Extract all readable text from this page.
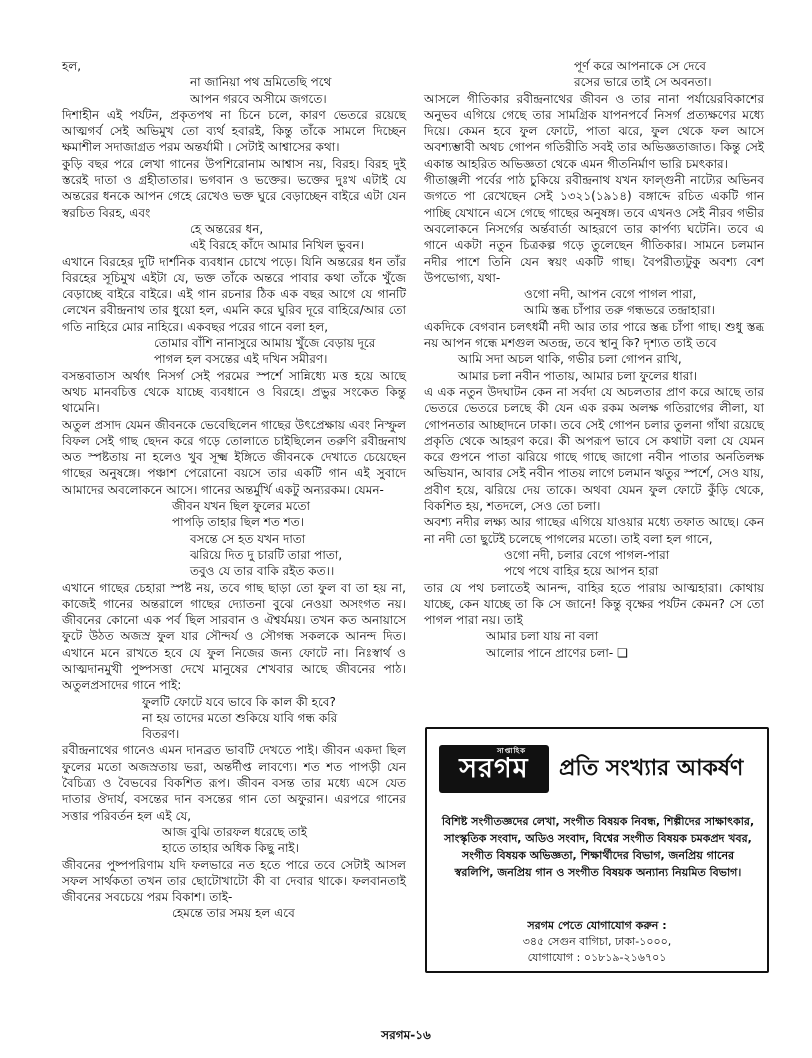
হল,

না জানিয়া পথ ভ্রমিতেছি পথে

আপন গরবে অসীমে জগতে।

দিশাহীন এই পর্যটন, প্রকৃতপথ না চিনে চলে, কারণ ভেতরে রয়েছে আত্মগর্ব সেই অভিমুখ তো ব্যর্থ হবারই, কিন্তু তাঁকে সামলে দিচ্ছেন ক্ষমাশীল সদাজাগ্রত পরম অন্তর্যামী । সেটাই আশ্বাসের কথা।

কুড়ি বছর পরে লেখা গানের উপশিরোনাম আশ্বাস নয়, বিরহ। বিরহ দুই স্তরেই দাতা ও গ্রহীতাতার। ভগবান ও ভক্তের। ভক্তের দুঃখ এটাই যে অন্তরের ধনকে আপন গেহে রেখেও ভক্ত ঘুরে বেড়াচ্ছেন বাইরে এটা যেন স্বরচিত বিরহ, এবং

হে অন্তরের ধন,

এই বিরহে কাঁদে আমার নিখিল ভুবন।

এখানে বিরহের দুটি দার্শনিক ব্যবধান চোখে পড়ে। যিনি অন্তরের ধন তাঁর বিরহের সূচিমুখ এইটা যে, ভক্ত তাঁকে অন্তরে পাবার কথা তাঁকে খুঁজে বেড়াচ্ছে বাইরে বাইরে। এই গান রচনার ঠিক এক বছর আগে যে গানটি লেখেন রবীন্দ্রনাথ তার ধুয়ো হল, এমনি করে ঘুরিব দূরে বাহিরে/আর তো গতি নাহিরে মোর নাহিরে। একবছর পরের গানে বলা হল,

তোমার বাঁশি নানাসুরে আমায় খুঁজে বেড়ায় দূরে

পাগল হল বসন্তের এই দখিন সমীরণ।

বসন্তবাতাস অর্থাৎ নিসর্গ সেই পরমের স্পর্শে সান্নিধ্যে মত্ত হয়ে আছে অথচ মানবচিত্ত থেকে যাচ্ছে ব্যবধানে ও বিরহে। প্রভুর সংকেত কিন্তু থামেনি।

অতুল প্রসাদ যেমন জীবনকে ভেবেছিলেন গাছের উৎপ্রেক্ষায় এবং নিস্ফুল বিফল সেই গাছ ছেদন করে গড়ে তোলাতে চাইছিলেন তরুণি রবীন্দ্রনাথ অত স্পষ্টতায় না হলেও খুব সূক্ষ্ম ইঙ্গিতে জীবনকে দেখাতে চেয়েছেন গাছের অনুষঙ্গে। পঞ্চাশ পেরোনো বয়সে তার একটি গান এই সুবাদে আমাদের অবলোকনে আসে। গানের অন্তর্মুর্খি একটু অন্যরকম। যেমন-

জীবন যখন ছিল ফুলের মতো

পাপড়ি তাহার ছিল শত শত।

বসন্তে সে হত যখন দাতা

ঝরিয়ে দিত দু চারটি তারা পাতা,

তবুও যে তার বাকি রইত কত।।

এখানে গাছের চেহারা স্পষ্ট নয়, তবে গাছ ছাড়া তো ফুল বা তা হয় না, কাজেই গানের অন্তরালে গাছের দ্যোতনা বুঝে নেওয়া অসংগত নয়। জীবনের কোনো এক পর্ব ছিল সারবান ও ঐশ্বর্যময়। তখন কত অনায়াসে ফুটে উঠত অজস্র ফুল যার সৌন্দর্য ও সৌগন্ধ সকলকে আনন্দ দিত। এখানে মনে রাখতে হবে যে ফুল নিজের জন্য ফোটে না। নিঃস্বার্থ ও আত্মদানমুখী পুষ্পসত্তা দেখে মানুষের শেখবার আছে জীবনের পাঠ। অতুলপ্রসাদের গানে পাই:

ফুলটি ফোটে যবে ভাবে কি কাল কী হবে?

না হয় তাদের মতো শুকিয়ে যাবি গন্ধ করি

বিতরণ।

রবীন্দ্রনাথের গানেও এমন দানব্রত ভাবটি দেখতে পাই। জীবন একদা ছিল ফুলের মতো অজস্রতায় ভরা, অন্তর্দীপ্ত লাবণ্যে। শত শত পাপড়ী যেন বৈচিত্র্য ও বৈভবের বিকশিত রূপ। জীবন বসন্ত তার মধ্যে এসে যেত দাতার ঔদার্য, বসন্তের দান বসন্তের গান তো অফুরান। এরপরে গানের সত্তার পরিবর্তন হল এই যে,

আজ বুঝি তারফল ধরেছে তাই

হাতে তাহার অধিক কিছু নাই।

জীবনের পুষ্পপরিণাম যদি ফলভারে নত হতে পারে তবে সেটাই আসল সফল সার্থকতা তখন তার ছোটোখাটো কী বা দেবার থাকে। ফলবানতাই জীবনের সবচেয়ে পরম বিকাশ। তাই-

হেমন্তে তার সময় হল এবে

পূর্ণ করে আপনাকে সে দেবে

রসের ভারে তাই সে অবনতা।

আসলে গীতিকার রবীন্দ্রনাথের জীবন ও তার নানা পর্যায়েরবিকাশের অনুভব এগিয়ে গেছে তার সামগ্রিক যাপনপর্বে নিসর্গ প্রত্যক্ষণের মধ্যে দিয়ে। কেমন হবে ফুল ফোটে, পাতা ঝরে, ফুল থেকে ফল আসে অবশ্যম্ভাবী অথচ গোপন গতিরীতি সবই তার অভিজ্ঞতাজাত। কিন্তু সেই একান্ত আহরিত অভিজ্ঞতা থেকে এমন গীতনির্মাণ ভারি চমৎকার।

গীতাঞ্জলী পর্বের পাঠ চুকিয়ে রবীন্দ্রনাথ যখন ফাল্গুনী নাট্যের অভিনব জগতে পা রেখেছেন সেই ১৩২১(১৯১৪) বঙ্গাব্দে রচিত একটি গান পাচ্ছি যেখানে এসে গেছে গাছের অনুষঙ্গ। তবে এখনও সেই নীরব গভীর অবলোকনে নিসর্গের অর্ন্তবার্তা আহরণে তার কার্পণ্য ঘটেনি। তবে এ গানে একটা নতুন চিত্রকল্প গড়ে তুলেছেন গীতিকার। সামনে চলমান নদীর পাশে তিনি যেন স্বয়ং একটি গাছ। বৈপরীত্যটুকু অবশ্য বেশ উপভোগ্য, যথা-

ওগো নদী, আপন বেগে পাগল পারা,

আমি স্তব্ধ চাঁপার তরু গন্ধভরে তন্দ্রাহারা।

একদিকে বেগবান চলৎধর্মী নদী আর তার পারে স্তব্ধ চাঁপা গাছ। শুধু স্তব্ধ নয় আপন গন্ধে মশগুল অতন্দ্র, তবে স্থানু কি? দৃশ্যত তাই তবে

আমি সদা অচল থাকি, গভীর চলা গোপন রাখি,

আমার চলা নবীন পাতায়, আমার চলা ফুলের ধারা।

এ এক নতুন উদঘাটন কেন না সর্বদা যে অচলতার প্রাণ করে আছে তার ভেতরে ভেতরে চলছে কী যেন এক রকম অলক্ষ গতিরাগের লীলা, যা গোপনতার আচ্ছাদনে ঢাকা। তবে সেই গোপন চলার তুলনা গাঁথা রয়েছে প্রকৃতি থেকে আহরণ করে। কী অপরূপ ভাবে সে কথাটা বলা যে যেমন করে গুপনে পাতা ঝরিয়ে গাছে গাছে জাগো নবীন পাতার অনতিলক্ষ অভিযান, আবার সেই নবীন পাতয় লাগে চলমান ঋতুর স্পর্শে, সেও যায়, প্রবীণ হয়ে, ঝরিয়ে দেয় তাকে। অথবা যেমন ফুল ফোটে কুঁড়ি থেকে, বিকশিত হয়, শতদলে, সেও তো চলা।

অবশ্য নদীর লক্ষ্য আর গাছের এগিয়ে যাওয়ার মধ্যে তফাত আছে। কেন না নদী তো ছুটেই চলেছে পাগলের মতো। তাই বলা হল গানে,

ওগো নদী, চলার বেগে পাগল-পারা

পথে পথে বাহির হয়ে আপন হারা

তার যে পথ চলাতেই আনন্দ, বাহির হতে পারায় আত্মহারা। কোথায় যাচ্ছে, কেন যাচ্ছে তা কি সে জানে! কিন্তু বৃক্ষের পর্যটন কেমন? সে তো পাগল পারা নয়। তাই

আমার চলা যায় না বলা

আলোর পানে প্রাণের চলা- ❏

সাপ্তাহিক
সরগম	প্রতি সংখ্যার আকর্ষণ
বিশিষ্ট সংগীতজ্ঞদের লেখা, সংগীত বিষয়ক নিবন্ধ, শিল্পীদের সাক্ষাৎকার, সাংস্কৃতিক সংবাদ, অডিও সংবাদ, বিশ্বের সংগীত বিষয়ক চমকপ্রদ খবর, সংগীত বিষয়ক অভিজ্ঞতা, শিক্ষার্থীদের বিভাগ, জনপ্রিয় গানের স্বরলিপি, জনপ্রিয় গান ও সংগীত বিষয়ক অন্যান্য নিয়মিত বিভাগ।
সরগম পেতে যোগাযোগ করুন :
৩৪৫ সেগুন বাগিচা, ঢাকা-১০০০,
যোগাযোগ : ০১৮১৯-২১৬৭০১
সরগম-১৬
